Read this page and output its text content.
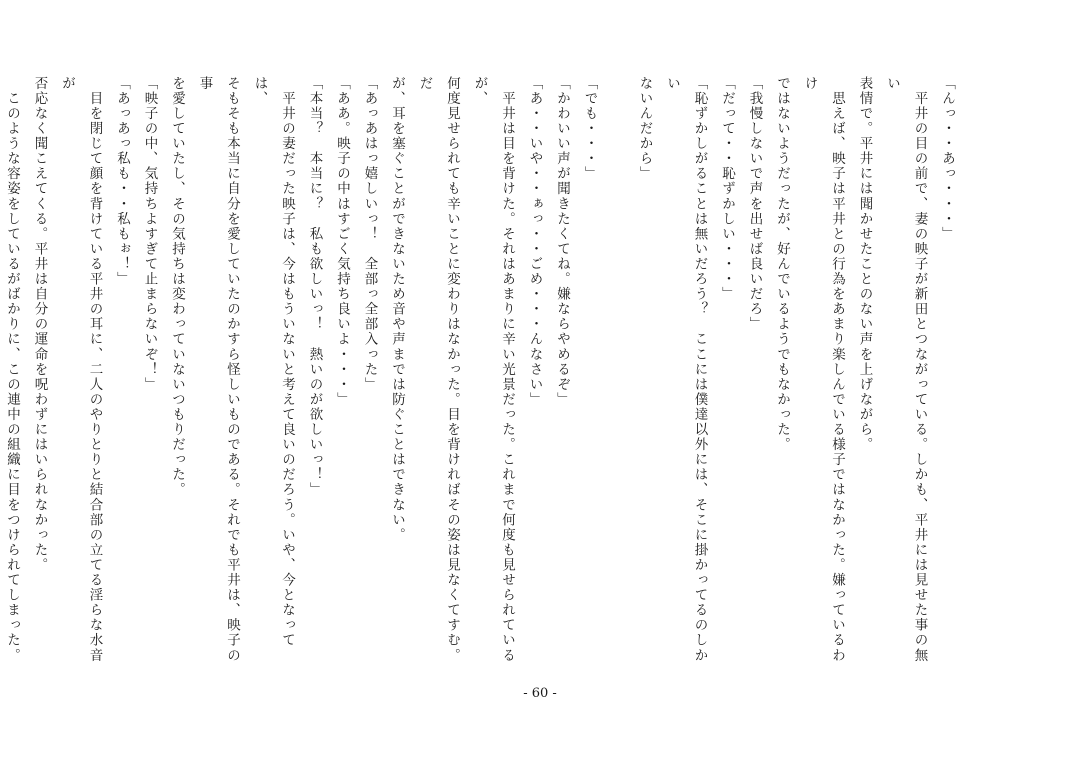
「んっ・・あっ・・・」
　平井の目の前で、妻の映子が新田とつながっている。しかも、平井には見せた事の無い
表情で。平井には聞かせたことのない声を上げながら。
　思えば、映子は平井との行為をあまり楽しんでいる様子ではなかった。嫌っているわけ
ではないようだったが、好んでいるようでもなかった。
「我慢しないで声を出せば良いだろ」
「だって・・恥ずかしい・・・」
「恥ずかしがることは無いだろう？　ここには僕達以外には、そこに掛かってるのしかい
ないんだから」
「でも・・・」
「かわいい声が聞きたくてね。嫌ならやめるぞ」
「あ・・いや・・ぁっ・・ごめ・・・んなさい」
　平井は目を背けた。それはあまりに辛い光景だった。これまで何度も見せられているが、
何度見せられても辛いことに変わりはなかった。目を背ければその姿は見なくてすむ。だ
が、耳を塞ぐことができないため音や声までは防ぐことはできない。
「あっあはっ嬉しいっ！　全部っ全部入った」
「ああ。映子の中はすごく気持ち良いよ・・・」
「本当？　本当に？　私も欲しいっ！　熱いのが欲しいっ！」
　平井の妻だった映子は、今はもういないと考えて良いのだろう。いや、今となっては、
そもそも本当に自分を愛していたのかすら怪しいものである。それでも平井は、映子の事
を愛していたし、その気持ちは変わっていないつもりだった。
「映子の中、気持ちよすぎて止まらないぞ！」
「あっあっ私も・・私もぉ！」
　目を閉じて顔を背けている平井の耳に、二人のやりとりと結合部の立てる淫らな水音が
否応なく聞こえてくる。平井は自分の運命を呪わずにはいられなかった。
　このような容姿をしているがばかりに、この連中の組織に目をつけられてしまった。
- 60 -
